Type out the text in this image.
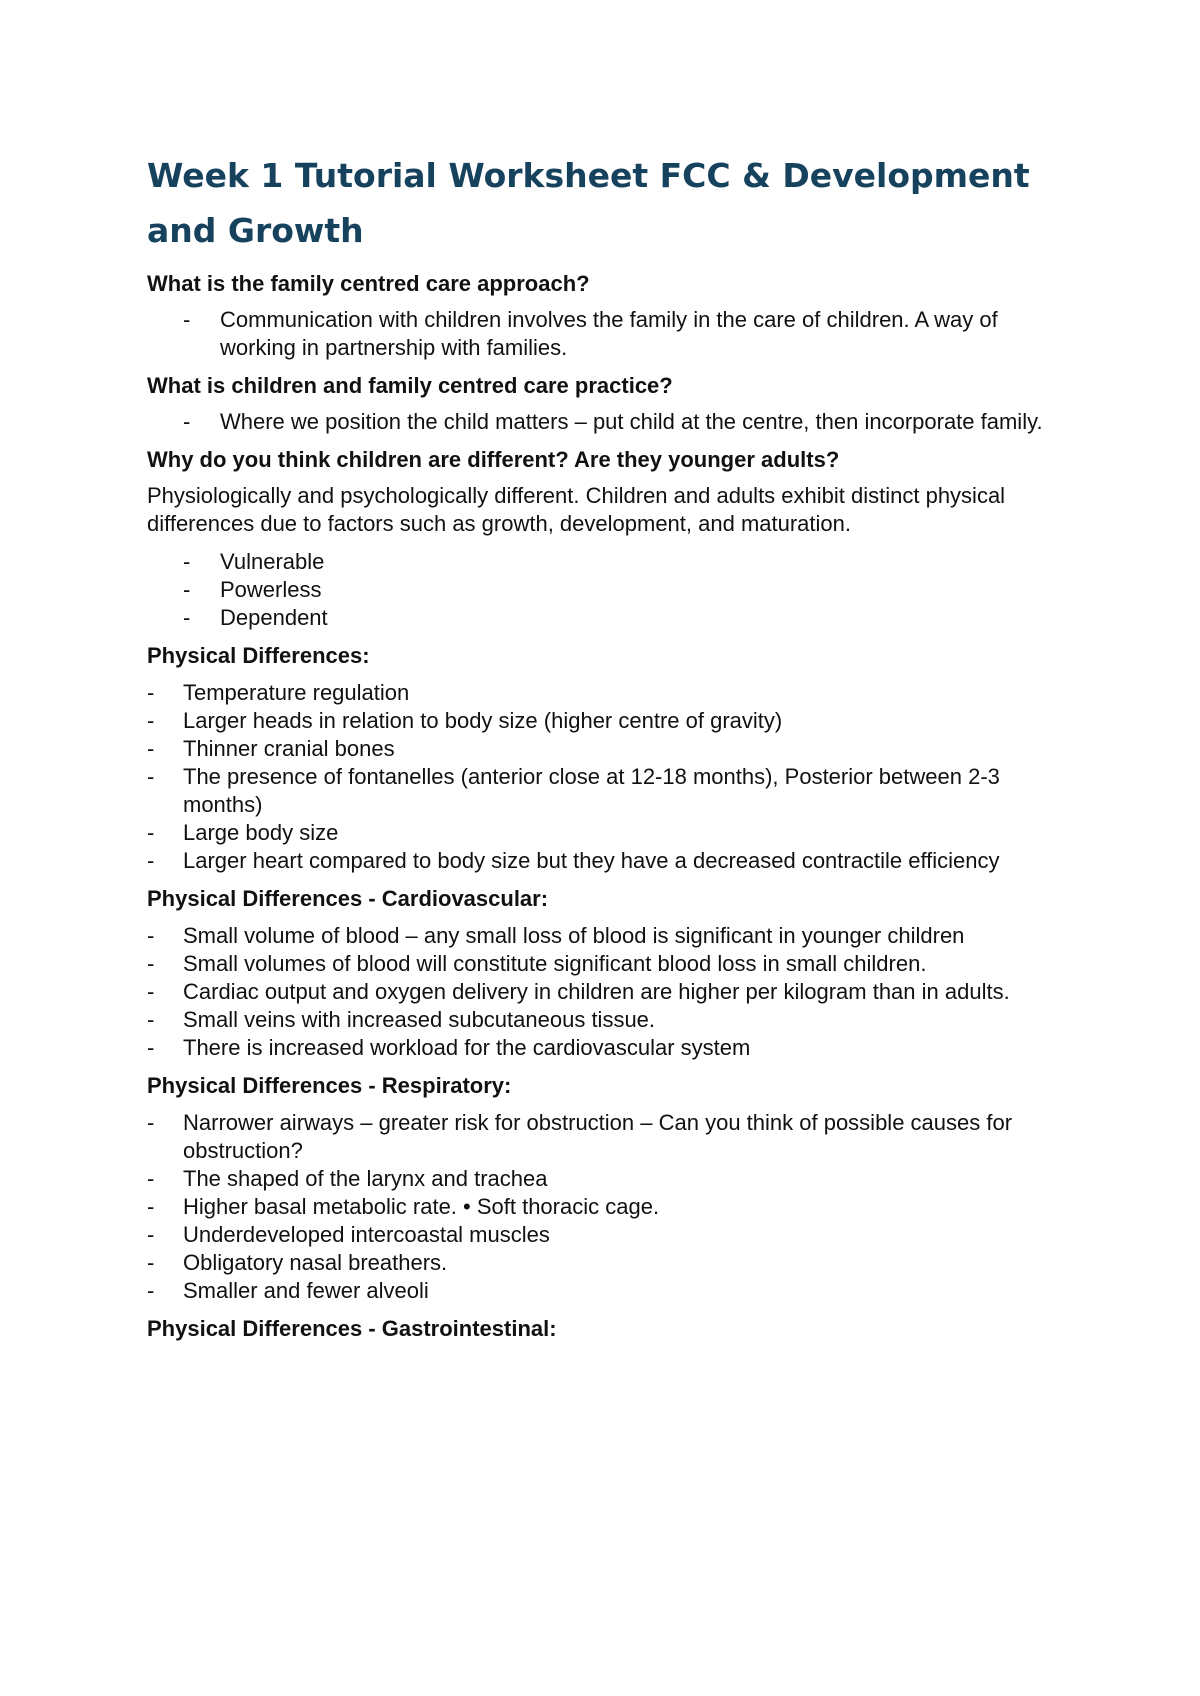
Week 1 Tutorial Worksheet FCC & Development and Growth
What is the family centred care approach?
- Communication with children involves the family in the care of children. A way of working in partnership with families.
What is children and family centred care practice?
- Where we position the child matters – put child at the centre, then incorporate family.
Why do you think children are different? Are they younger adults?

Physiologically and psychologically different. Children and adults exhibit distinct physical differences due to factors such as growth, development, and maturation.

- Vulnerable
- Powerless
- Dependent
Physical Differences:
- Temperature regulation
- Larger heads in relation to body size (higher centre of gravity)
- Thinner cranial bones
- The presence of fontanelles (anterior close at 12-18 months), Posterior between 2-3 months)
- Large body size
- Larger heart compared to body size but they have a decreased contractile efficiency
Physical Differences - Cardiovascular:
- Small volume of blood – any small loss of blood is significant in younger children
- Small volumes of blood will constitute significant blood loss in small children.
- Cardiac output and oxygen delivery in children are higher per kilogram than in adults.
- Small veins with increased subcutaneous tissue.
- There is increased workload for the cardiovascular system
Physical Differences - Respiratory:
- Narrower airways – greater risk for obstruction – Can you think of possible causes for obstruction?
- The shaped of the larynx and trachea
- Higher basal metabolic rate. • Soft thoracic cage.
- Underdeveloped intercoastal muscles
- Obligatory nasal breathers.
- Smaller and fewer alveoli
Physical Differences - Gastrointestinal:
